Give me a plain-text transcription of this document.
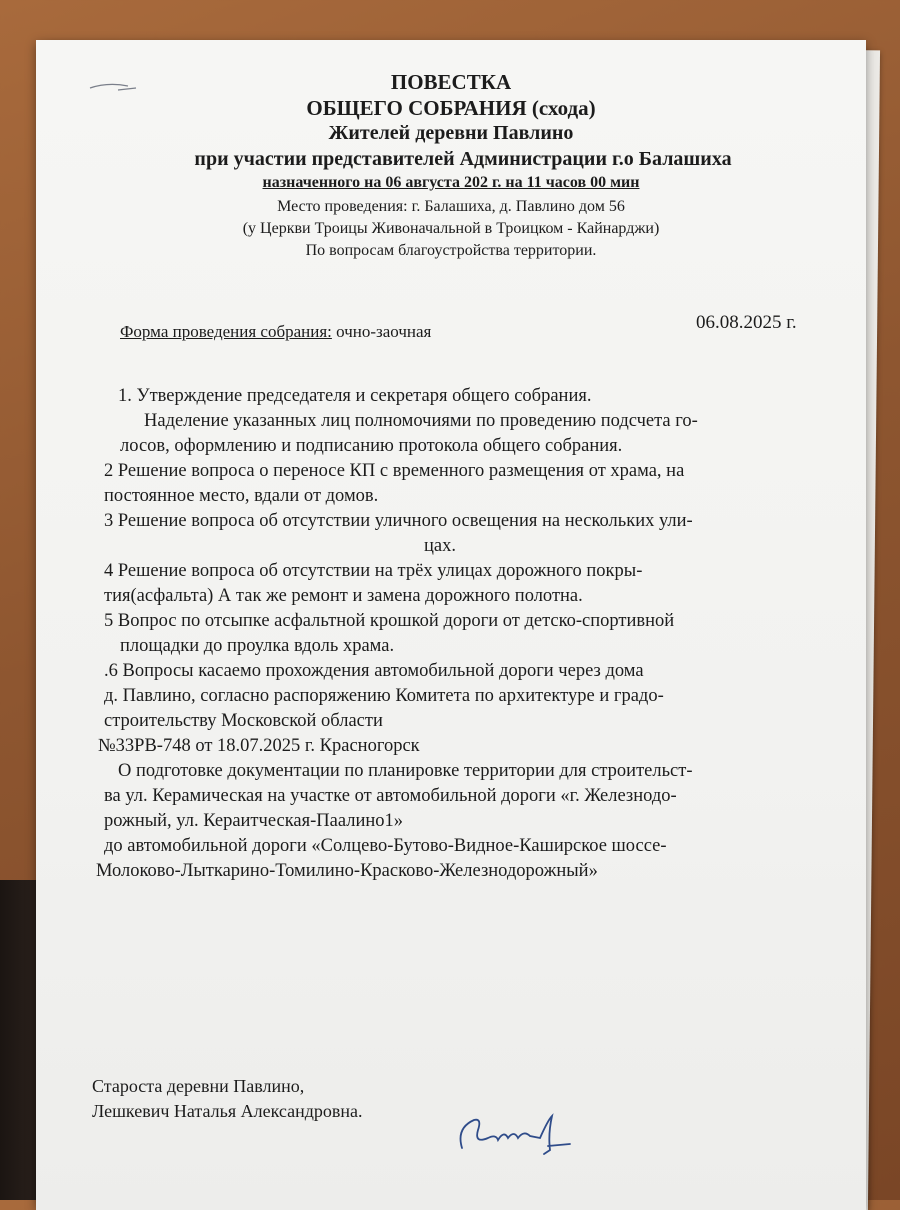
ПОВЕСТКА
ОБЩЕГО СОБРАНИЯ (схода)
Жителей деревни Павлино
при участии представителей Администрации г.о Балашиха
назначенного на 06 августа 202 г. на 11 часов 00 мин
Место проведения: г. Балашиха, д. Павлино дом 56
(у Церкви Троицы Живоначальной в Троицком - Кайнарджи)
По вопросам благоустройства территории.
Форма проведения собрания: очно-заочная	06.08.2025 г.

1. Утверждение председателя и секретаря общего собрания.

Наделение указанных лиц полномочиями по проведению подсчета го-

лосов, оформлению и подписанию протокола общего собрания.

2 Решение вопроса о переносе КП с временного размещения от храма, на

постоянное место, вдали от домов.

3 Решение вопроса об отсутствии уличного освещения на нескольких ули-

цах.

4 Решение вопроса об отсутствии на трёх улицах дорожного покры-

тия(асфальта) А так же ремонт и замена дорожного полотна.

5 Вопрос по отсыпке асфальтной крошкой дороги от детско-спортивной

площадки до проулка вдоль храма.

.6 Вопросы касаемо прохождения автомобильной дороги через дома

д. Павлино, согласно распоряжению Комитета по архитектуре и градо-

строительству Московской области

№33РВ-748 от 18.07.2025 г. Красногорск

О подготовке документации по планировке территории для строительст-

ва ул. Керамическая на участке от автомобильной дороги «г. Железнодо-

рожный, ул. Кераитческая-Паалино1»

до автомобильной дороги «Солцево-Бутово-Видное-Каширское шоссе-

Молоково-Лыткарино-Томилино-Красково-Железнодорожный»

Староста деревни Павлино,
Лешкевич Наталья Александровна.
